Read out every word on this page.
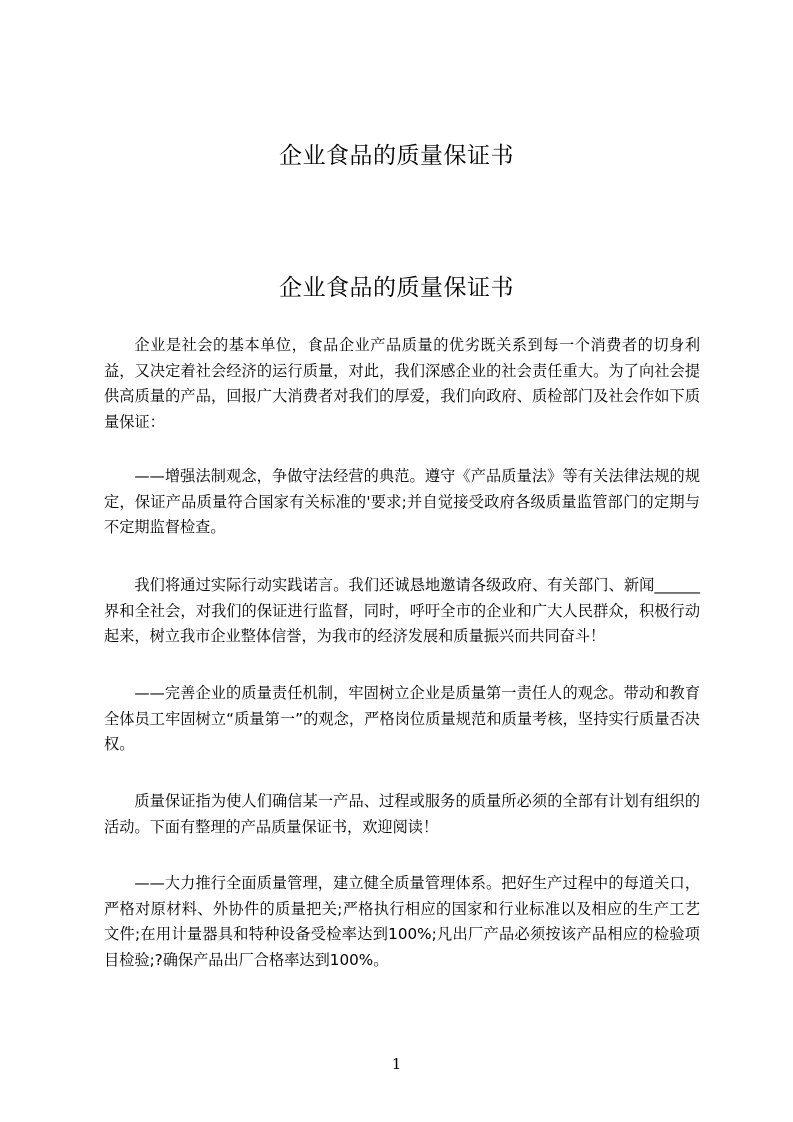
企业食品的质量保证书
企业食品的质量保证书

企业是社会的基本单位，食品企业产品质量的优劣既关系到每一个消费者的切身利益，又决定着社会经济的运行质量，对此，我们深感企业的社会责任重大。为了向社会提供高质量的产品，回报广大消费者对我们的厚爱，我们向政府、质检部门及社会作如下质量保证：

——增强法制观念，争做守法经营的典范。遵守《产品质量法》等有关法律法规的规定，保证产品质量符合国家有关标准的'要求;并自觉接受政府各级质量监管部门的定期与不定期监督检查。

我们将通过实际行动实践诺言。我们还诚恳地邀请各级政府、有关部门、新闻______界和全社会，对我们的保证进行监督，同时，呼吁全市的企业和广大人民群众，积极行动起来，树立我市企业整体信誉，为我市的经济发展和质量振兴而共同奋斗！

——完善企业的质量责任机制，牢固树立企业是质量第一责任人的观念。带动和教育全体员工牢固树立“质量第一”的观念，严格岗位质量规范和质量考核，坚持实行质量否决权。

质量保证指为使人们确信某一产品、过程或服务的质量所必须的全部有计划有组织的活动。下面有整理的产品质量保证书，欢迎阅读！

——大力推行全面质量管理，建立健全质量管理体系。把好生产过程中的每道关口，严格对原材料、外协件的质量把关;严格执行相应的国家和行业标准以及相应的生产工艺文件;在用计量器具和特种设备受检率达到100%;凡出厂产品必须按该产品相应的检验项目检验;?确保产品出厂合格率达到100%。

1
